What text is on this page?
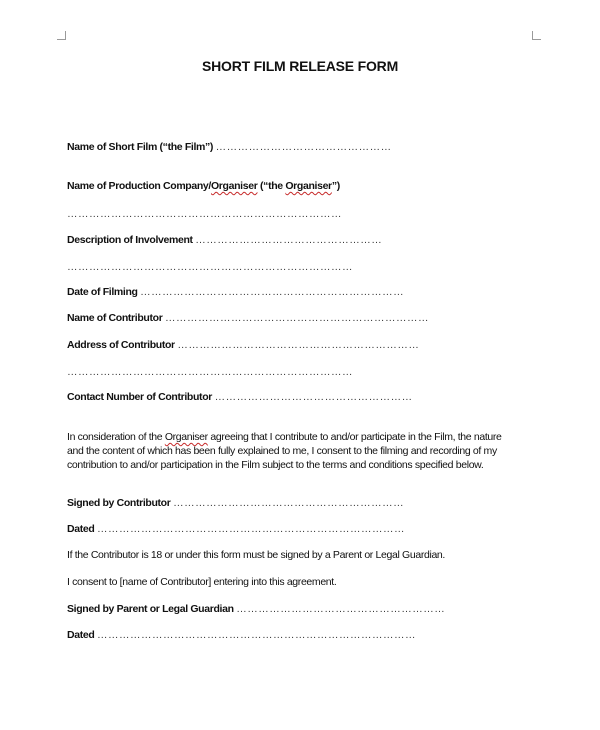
SHORT FILM RELEASE FORM
Name of Short Film (“the Film”) …………………………………………
Name of Production Company/Organiser (“the Organiser”)
…………………………………………………………………
Description of Involvement ……………………………………………
……………………………………………………………………
Date of Filming ………………………………………………………………
Name of Contributor ………………………………………………………………
Address of Contributor …………………………………………………………
……………………………………………………………………
Contact Number of Contributor ………………………………………………
In consideration of the Organiser agreeing that I contribute to and/or participate in the Film, the nature
and the content of which has been fully explained to me, I consent to the filming and recording of my
contribution to and/or participation in the Film subject to the terms and conditions specified below.
Signed by Contributor ………………………………………………………
Dated …………………………………………………………………………
If the Contributor is 18 or under this form must be signed by a Parent or Legal Guardian.
I consent to [name of Contributor] entering into this agreement.
Signed by Parent or Legal Guardian …………………………………………………
Dated ……………………………………………………………………………
